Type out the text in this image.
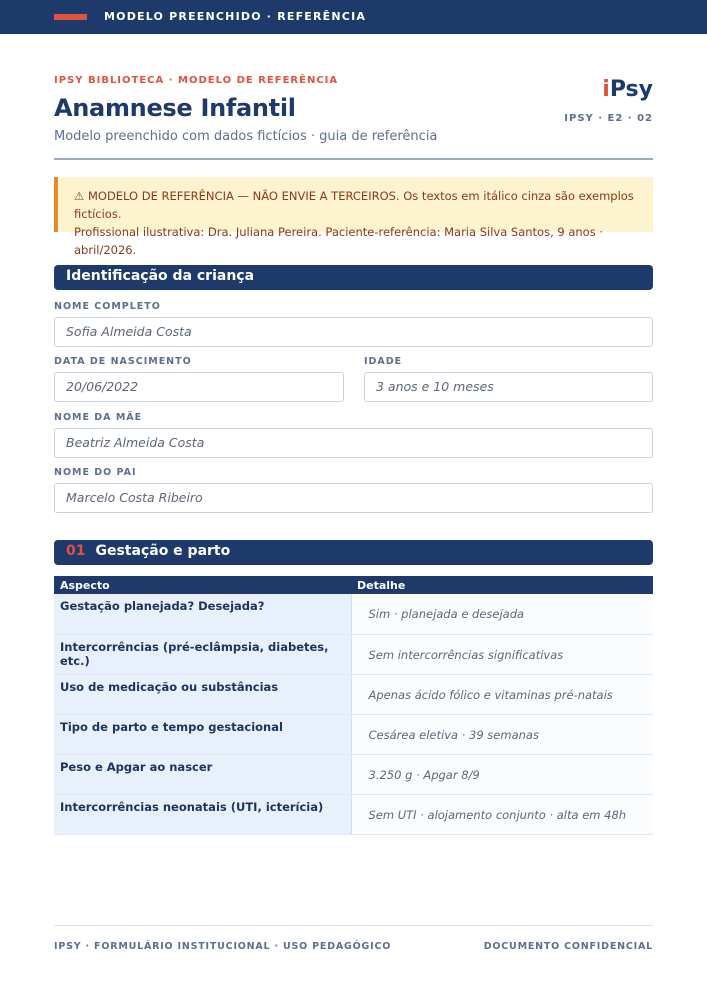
MODELO PREENCHIDO · REFERÊNCIA
IPSY BIBLIOTECA · MODELO DE REFERÊNCIA
Anamnese Infantil
Modelo preenchido com dados fictícios · guia de referência
iPsy
IPSY · E2 · 02
⚠ MODELO DE REFERÊNCIA — NÃO ENVIE A TERCEIROS. Os textos em itálico cinza são exemplos fictícios.
Profissional ilustrativa: Dra. Juliana Pereira. Paciente-referência: Maria Silva Santos, 9 anos · abril/2026.
Identificação da criança
NOME COMPLETO
Sofia Almeida Costa
DATA DE NASCIMENTO
20/06/2022
IDADE
3 anos e 10 meses
NOME DA MÃE
Beatriz Almeida Costa
NOME DO PAI
Marcelo Costa Ribeiro
01 Gestação e parto
Aspecto	Detalhe
Gestação planejada? Desejada?	Sim · planejada e desejada
Intercorrências (pré-eclâmpsia, diabetes, etc.)	Sem intercorrências significativas
Uso de medicação ou substâncias	Apenas ácido fólico e vitaminas pré-natais
Tipo de parto e tempo gestacional	Cesárea eletiva · 39 semanas
Peso e Apgar ao nascer	3.250 g · Apgar 8/9
Intercorrências neonatais (UTI, icterícia)	Sem UTI · alojamento conjunto · alta em 48h
IPSY · FORMULÁRIO INSTITUCIONAL · USO PEDAGÓGICO	DOCUMENTO CONFIDENCIAL
